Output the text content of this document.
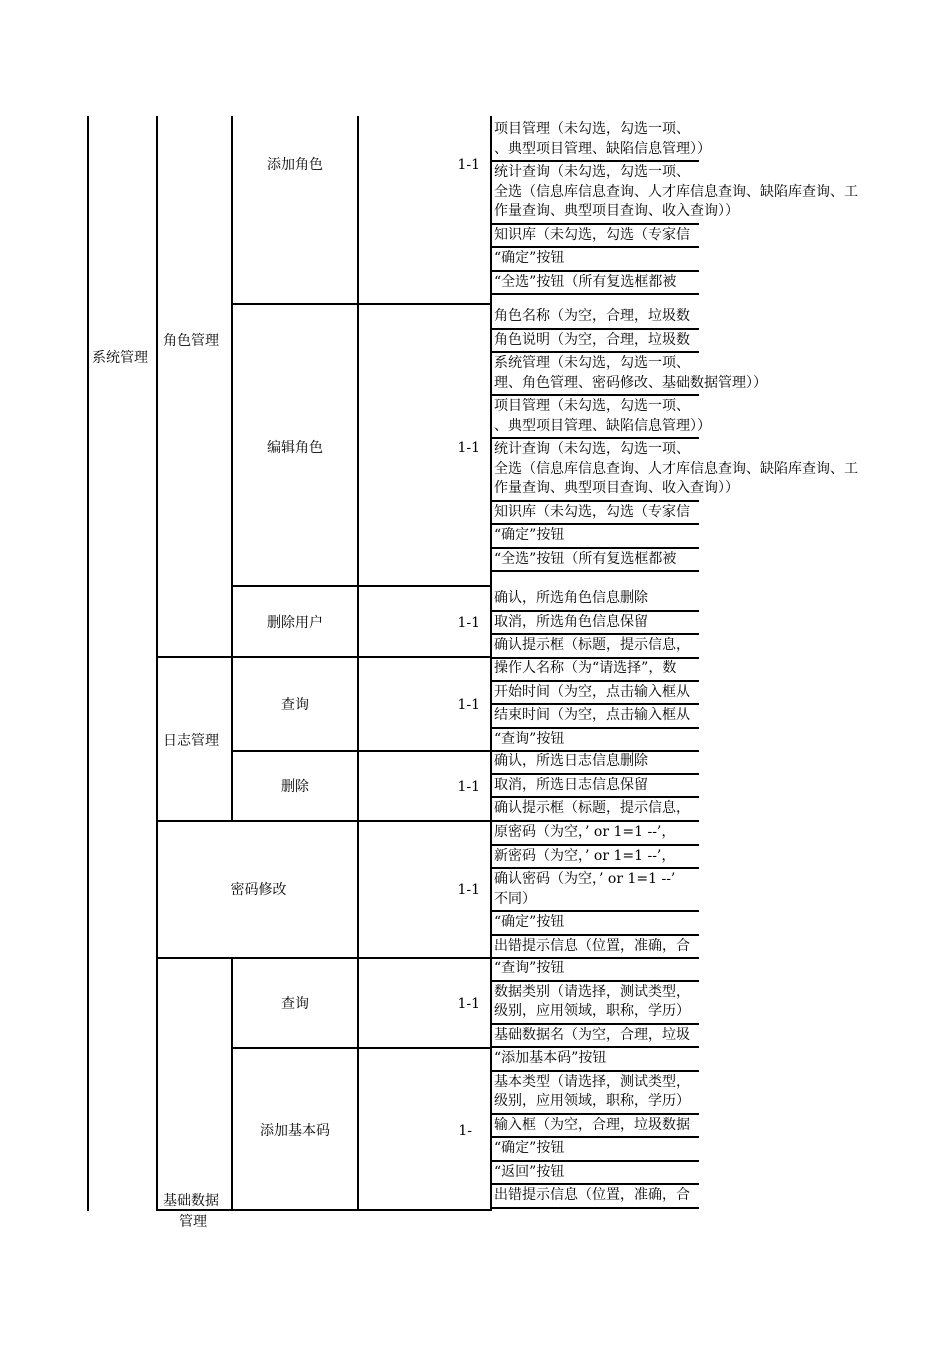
系统管理
角色管理
日志管理
密码修改
基础数据
管理
添加角色
编辑角色
删除用户
查询
删除
查询
添加基本码
1-1
1-1
1-1
1-1
1-1
1-1
1-1
1-
项目管理（未勾选，勾选一项、
、典型项目管理、缺陷信息管理））
统计查询（未勾选，勾选一项、
全选（信息库信息查询、人才库信息查询、缺陷库查询、工
作量查询、典型项目查询、收入查询））
知识库（未勾选，勾选（专家信
“确定”按钮
“全选”按钮（所有复选框都被
角色名称（为空，合理，垃圾数
角色说明（为空，合理，垃圾数
系统管理（未勾选，勾选一项、
理、角色管理、密码修改、基础数据管理））
项目管理（未勾选，勾选一项、
、典型项目管理、缺陷信息管理））
统计查询（未勾选，勾选一项、
全选（信息库信息查询、人才库信息查询、缺陷库查询、工
作量查询、典型项目查询、收入查询））
知识库（未勾选，勾选（专家信
“确定”按钮
“全选”按钮（所有复选框都被
确认，所选角色信息删除
取消，所选角色信息保留
确认提示框（标题，提示信息，
操作人名称（为“请选择”，数
开始时间（为空，点击输入框从
结束时间（为空，点击输入框从
“查询”按钮
确认，所选日志信息删除
取消，所选日志信息保留
确认提示框（标题，提示信息，
原密码（为空，’ or 1=1 --’，
新密码（为空，’ or 1=1 --’，
确认密码（为空，’ or 1=1 --’
不同）
“确定”按钮
出错提示信息（位置，准确，合
“查询”按钮
数据类别（请选择，测试类型，
级别，应用领域，职称，学历）
基础数据名（为空，合理，垃圾
“添加基本码”按钮
基本类型（请选择，测试类型，
级别，应用领域，职称，学历）
输入框（为空，合理，垃圾数据
“确定”按钮
“返回”按钮
出错提示信息（位置，准确，合
